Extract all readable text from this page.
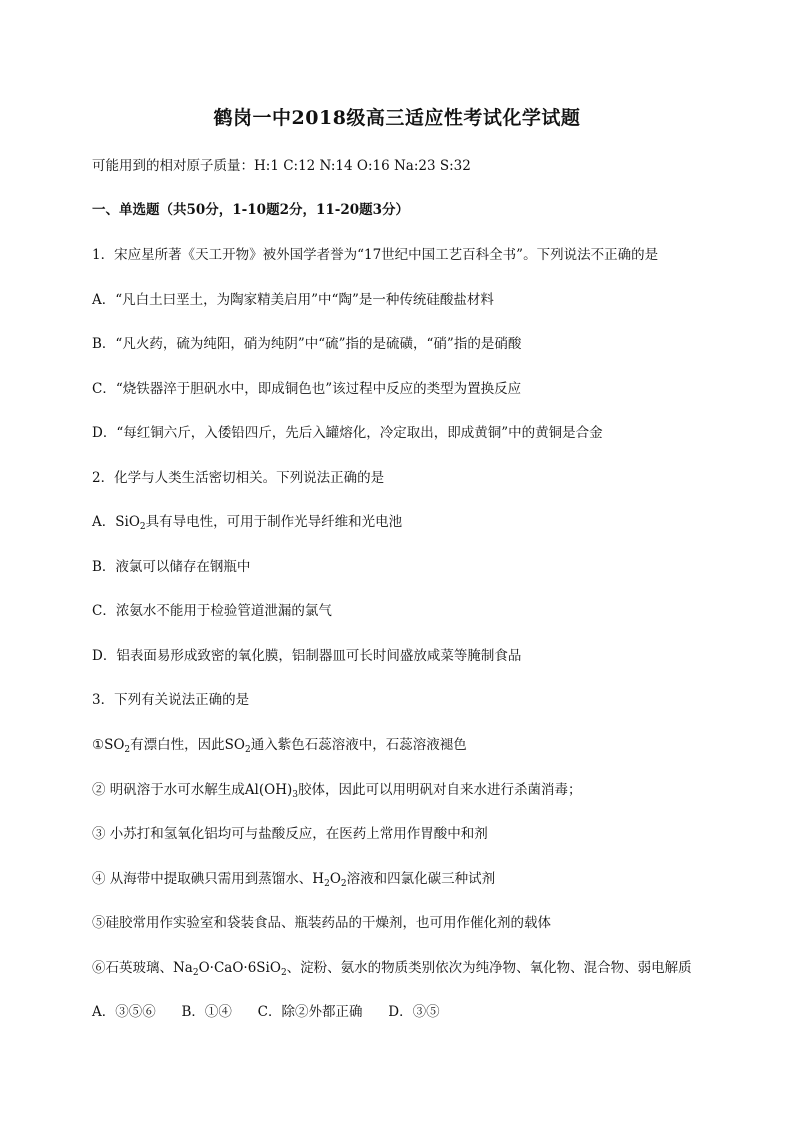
鹤岗一中2018级高三适应性考试化学试题
可能用到的相对原子质量：H:1 C:12 N:14 O:16 Na:23 S:32
一、单选题（共50分，1-10题2分，11-20题3分）
1．宋应星所著《天工开物》被外国学者誉为“17世纪中国工艺百科全书”。下列说法不正确的是
A．“凡白土曰垩土，为陶家精美启用”中“陶”是一种传统硅酸盐材料
B．“凡火药，硫为纯阳，硝为纯阴”中“硫”指的是硫磺，“硝”指的是硝酸
C．“烧铁器淬于胆矾水中，即成铜色也”该过程中反应的类型为置换反应
D．“每红铜六斤，入倭铅四斤，先后入罐熔化，冷定取出，即成黄铜”中的黄铜是合金
2．化学与人类生活密切相关。下列说法正确的是
A．SiO$_2$具有导电性，可用于制作光导纤维和光电池
B．液氯可以储存在钢瓶中
C．浓氨水不能用于检验管道泄漏的氯气
D．铝表面易形成致密的氧化膜，铝制器皿可长时间盛放咸菜等腌制食品
3．下列有关说法正确的是
$①SO_2$有漂白性，因此$SO_2$通入紫色石蕊溶液中，石蕊溶液褪色
② 明矾溶于水可水解生成$Al(OH)_3$胶体，因此可以用明矾对自来水进行杀菌消毒；
③ 小苏打和氢氧化铝均可与盐酸反应，在医药上常用作胃酸中和剂
④ 从海带中提取碘只需用到蒸馏水、$H_2O_2$溶液和四氯化碳三种试剂
⑤硅胶常用作实验室和袋装食品、瓶装药品的干燥剂，也可用作催化剂的载体
⑥石英玻璃、$Na_2O\cdot CaO\cdot 6SiO_2$、淀粉、氨水的物质类别依次为纯净物、氧化物、混合物、弱电解质
A．③⑤⑥      B．①④      C．除②外都正确      D．③⑤
